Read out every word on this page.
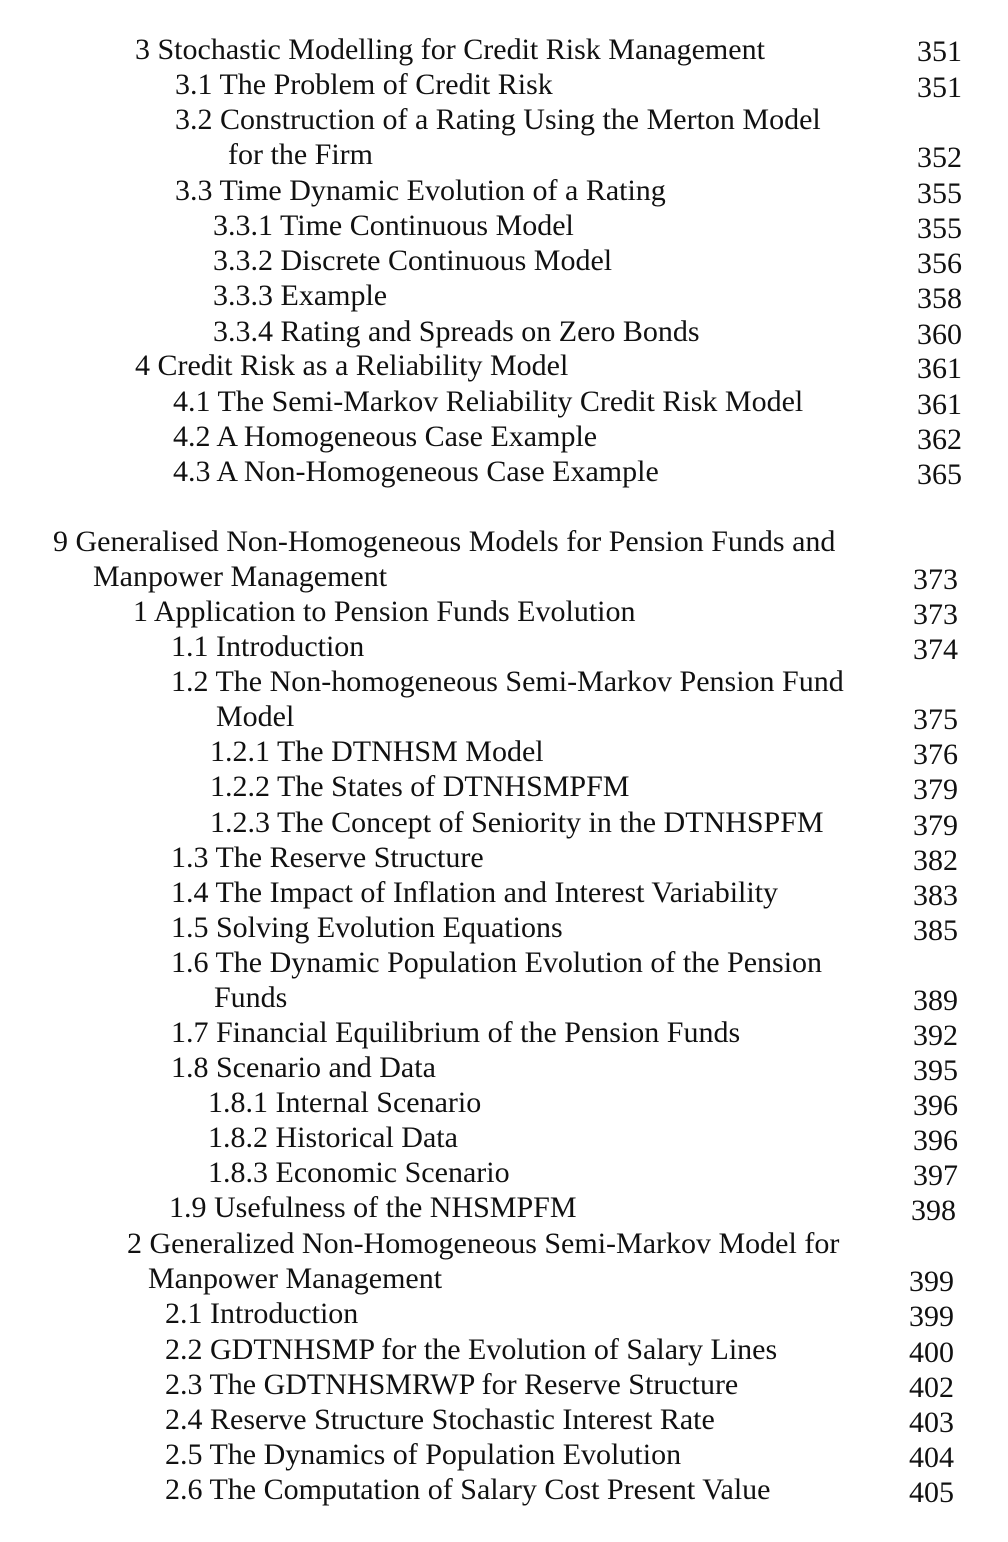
3 Stochastic Modelling for Credit Risk Management	351
3.1 The Problem of Credit Risk	351
3.2 Construction of a Rating Using the Merton Model
for the Firm	352
3.3 Time Dynamic Evolution of a Rating	355
3.3.1 Time Continuous Model	355
3.3.2 Discrete Continuous Model	356
3.3.3 Example	358
3.3.4 Rating and Spreads on Zero Bonds	360
4 Credit Risk as a Reliability Model	361
4.1 The Semi-Markov Reliability Credit Risk Model	361
4.2 A Homogeneous Case Example	362
4.3 A Non-Homogeneous Case Example	365
9 Generalised Non-Homogeneous Models for Pension Funds and
Manpower Management	373
1 Application to Pension Funds Evolution	373
1.1 Introduction	374
1.2 The Non-homogeneous Semi-Markov Pension Fund
Model	375
1.2.1 The DTNHSM Model	376
1.2.2 The States of DTNHSMPFM	379
1.2.3 The Concept of Seniority in the DTNHSPFM	379
1.3 The Reserve Structure	382
1.4 The Impact of Inflation and Interest Variability	383
1.5 Solving Evolution Equations	385
1.6 The Dynamic Population Evolution of the Pension
Funds	389
1.7 Financial Equilibrium of the Pension Funds	392
1.8 Scenario and Data	395
1.8.1 Internal Scenario	396
1.8.2 Historical Data	396
1.8.3 Economic Scenario	397
1.9 Usefulness of the NHSMPFM	398
2 Generalized Non-Homogeneous Semi-Markov Model for
Manpower Management	399
2.1 Introduction	399
2.2 GDTNHSMP for the Evolution of Salary Lines	400
2.3 The GDTNHSMRWP for Reserve Structure	402
2.4 Reserve Structure Stochastic Interest Rate	403
2.5 The Dynamics of Population Evolution	404
2.6 The Computation of Salary Cost Present Value	405
